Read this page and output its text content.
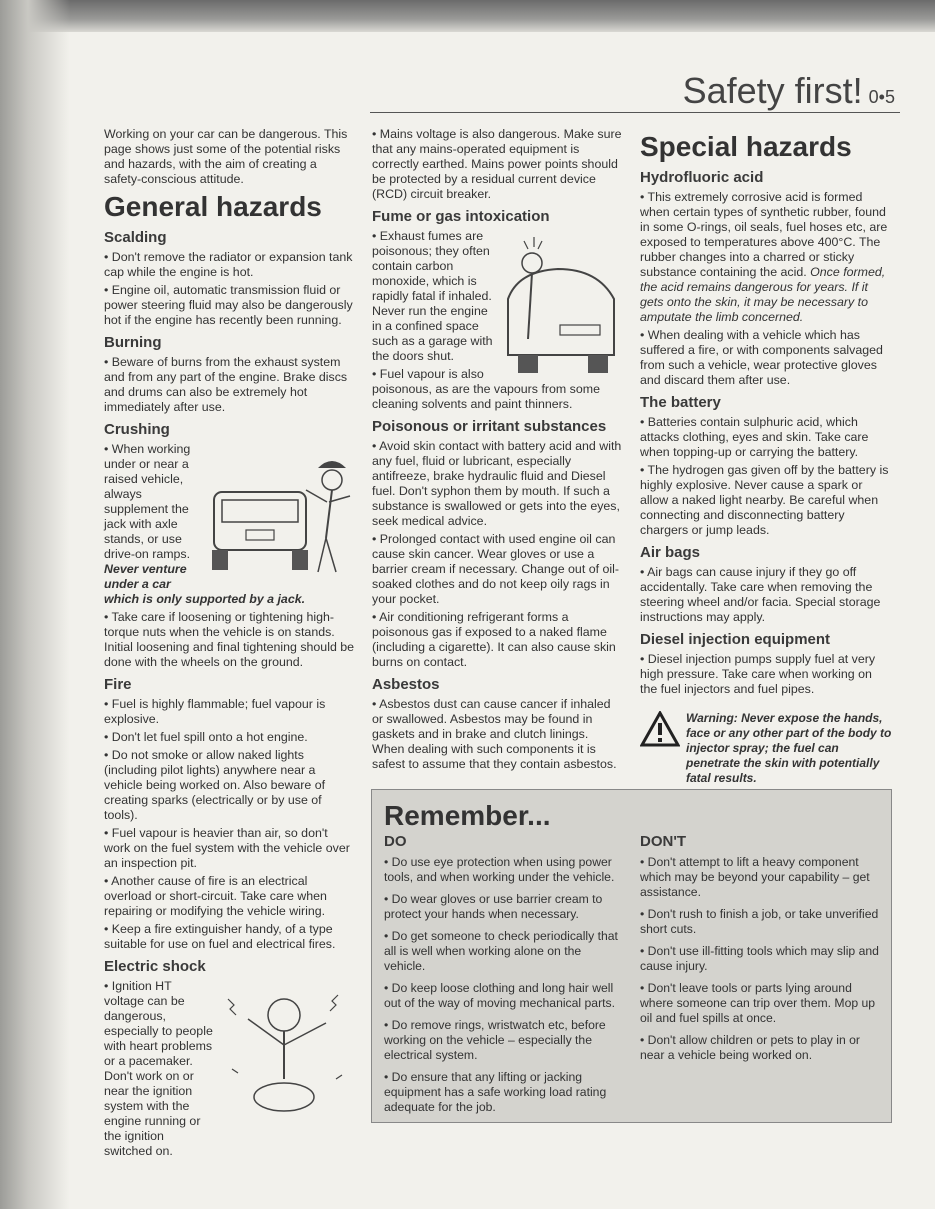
Safety first! 0•5

Working on your car can be dangerous. This page shows just some of the potential risks and hazards, with the aim of creating a safety-conscious attitude.

General hazards
Scalding

• Don't remove the radiator or expansion tank cap while the engine is hot.

• Engine oil, automatic transmission fluid or power steering fluid may also be dangerously hot if the engine has recently been running.

Burning

• Beware of burns from the exhaust system and from any part of the engine. Brake discs and drums can also be extremely hot immediately after use.

Crushing

• When working under or near a raised vehicle, always supplement the jack with axle stands, or use drive-on ramps. Never venture under a car which is only supported by a jack.

• Take care if loosening or tightening high-torque nuts when the vehicle is on stands. Initial loosening and final tightening should be done with the wheels on the ground.

Fire

• Fuel is highly flammable; fuel vapour is explosive.

• Don't let fuel spill onto a hot engine.

• Do not smoke or allow naked lights (including pilot lights) anywhere near a vehicle being worked on. Also beware of creating sparks (electrically or by use of tools).

• Fuel vapour is heavier than air, so don't work on the fuel system with the vehicle over an inspection pit.

• Another cause of fire is an electrical overload or short-circuit. Take care when repairing or modifying the vehicle wiring.

• Keep a fire extinguisher handy, of a type suitable for use on fuel and electrical fires.

Electric shock

• Ignition HT voltage can be dangerous, especially to people with heart problems or a pacemaker. Don't work on or near the ignition system with the engine running or the ignition switched on.

• Mains voltage is also dangerous. Make sure that any mains-operated equipment is correctly earthed. Mains power points should be protected by a residual current device (RCD) circuit breaker.

Fume or gas intoxication

• Exhaust fumes are poisonous; they often contain carbon monoxide, which is rapidly fatal if inhaled. Never run the engine in a confined space such as a garage with the doors shut.

• Fuel vapour is also poisonous, as are the vapours from some cleaning solvents and paint thinners.

Poisonous or irritant substances

• Avoid skin contact with battery acid and with any fuel, fluid or lubricant, especially antifreeze, brake hydraulic fluid and Diesel fuel. Don't syphon them by mouth. If such a substance is swallowed or gets into the eyes, seek medical advice.

• Prolonged contact with used engine oil can cause skin cancer. Wear gloves or use a barrier cream if necessary. Change out of oil-soaked clothes and do not keep oily rags in your pocket.

• Air conditioning refrigerant forms a poisonous gas if exposed to a naked flame (including a cigarette). It can also cause skin burns on contact.

Asbestos

• Asbestos dust can cause cancer if inhaled or swallowed. Asbestos may be found in gaskets and in brake and clutch linings. When dealing with such components it is safest to assume that they contain asbestos.

Special hazards
Hydrofluoric acid

• This extremely corrosive acid is formed when certain types of synthetic rubber, found in some O-rings, oil seals, fuel hoses etc, are exposed to temperatures above 400°C. The rubber changes into a charred or sticky substance containing the acid. Once formed, the acid remains dangerous for years. If it gets onto the skin, it may be necessary to amputate the limb concerned.

• When dealing with a vehicle which has suffered a fire, or with components salvaged from such a vehicle, wear protective gloves and discard them after use.

The battery

• Batteries contain sulphuric acid, which attacks clothing, eyes and skin. Take care when topping-up or carrying the battery.

• The hydrogen gas given off by the battery is highly explosive. Never cause a spark or allow a naked light nearby. Be careful when connecting and disconnecting battery chargers or jump leads.

Air bags

• Air bags can cause injury if they go off accidentally. Take care when removing the steering wheel and/or facia. Special storage instructions may apply.

Diesel injection equipment

• Diesel injection pumps supply fuel at very high pressure. Take care when working on the fuel injectors and fuel pipes.

Warning: Never expose the hands, face or any other part of the body to injector spray; the fuel can penetrate the skin with potentially fatal results.
Remember...
DO

• Do use eye protection when using power tools, and when working under the vehicle.

• Do wear gloves or use barrier cream to protect your hands when necessary.

• Do get someone to check periodically that all is well when working alone on the vehicle.

• Do keep loose clothing and long hair well out of the way of moving mechanical parts.

• Do remove rings, wristwatch etc, before working on the vehicle – especially the electrical system.

• Do ensure that any lifting or jacking equipment has a safe working load rating adequate for the job.

DON'T

• Don't attempt to lift a heavy component which may be beyond your capability – get assistance.

• Don't rush to finish a job, or take unverified short cuts.

• Don't use ill-fitting tools which may slip and cause injury.

• Don't leave tools or parts lying around where someone can trip over them. Mop up oil and fuel spills at once.

• Don't allow children or pets to play in or near a vehicle being worked on.
